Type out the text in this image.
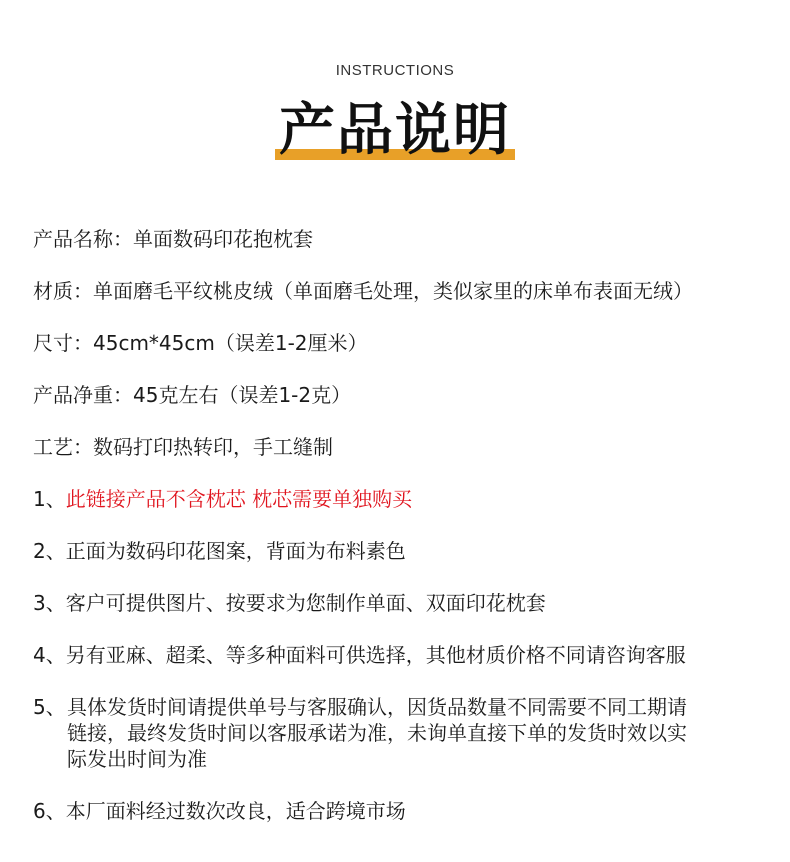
INSTRUCTIONS
产品说明
产品名称：单面数码印花抱枕套
材质：单面磨毛平纹桃皮绒（单面磨毛处理，类似家里的床单布表面无绒）
尺寸：45cm*45cm（误差1-2厘米）
产品净重：45克左右（误差1-2克）
工艺：数码打印热转印，手工缝制
1、此链接产品不含枕芯 枕芯需要单独购买
2、正面为数码印花图案，背面为布料素色
3、客户可提供图片、按要求为您制作单面、双面印花枕套
4、另有亚麻、超柔、等多种面料可供选择，其他材质价格不同请咨询客服
5、 具体发货时间请提供单号与客服确认，因货品数量不同需要不同工期请
链接，最终发货时间以客服承诺为准，未询单直接下单的发货时效以实
际发出时间为准
6、本厂面料经过数次改良，适合跨境市场
